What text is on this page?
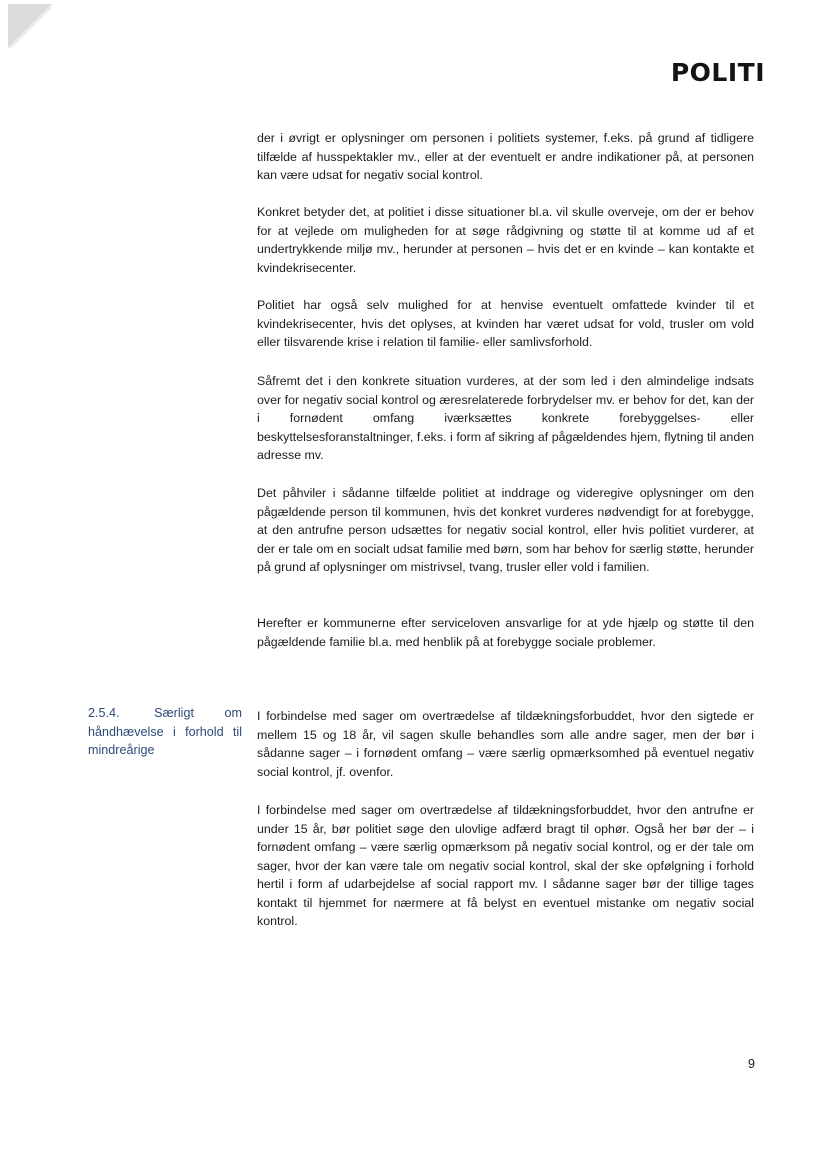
POLITI

der i øvrigt er oplysninger om personen i politiets systemer, f.eks. på grund af tidligere tilfælde af husspektakler mv., eller at der eventuelt er andre indikationer på, at personen kan være udsat for negativ social kontrol.

Konkret betyder det, at politiet i disse situationer bl.a. vil skulle overveje, om der er behov for at vejlede om muligheden for at søge rådgivning og støtte til at komme ud af et undertrykkende miljø mv., herunder at personen – hvis det er en kvinde – kan kontakte et kvindekrisecenter.

Politiet har også selv mulighed for at henvise eventuelt omfattede kvinder til et kvindekrisecenter, hvis det oplyses, at kvinden har været udsat for vold, trusler om vold eller tilsvarende krise i relation til familie- eller samlivsforhold.

Såfremt det i den konkrete situation vurderes, at der som led i den almindelige indsats over for negativ social kontrol og æresrelaterede forbrydelser mv. er behov for det, kan der i fornødent omfang iværksættes konkrete forebyggelses- eller beskyttelsesforanstaltninger, f.eks. i form af sikring af pågældendes hjem, flytning til anden adresse mv.

Det påhviler i sådanne tilfælde politiet at inddrage og videregive oplysninger om den pågældende person til kommunen, hvis det konkret vurderes nødvendigt for at forebygge, at den antrufne person udsættes for negativ social kontrol, eller hvis politiet vurderer, at der er tale om en socialt udsat familie med børn, som har behov for særlig støtte, herunder på grund af oplysninger om mistrivsel, tvang, trusler eller vold i familien.

Herefter er kommunerne efter serviceloven ansvarlige for at yde hjælp og støtte til den pågældende familie bl.a. med henblik på at forebygge sociale problemer.

2.5.4.	Særligt om håndhævelse i forhold til mindreårige

I forbindelse med sager om overtrædelse af tildækningsforbuddet, hvor den sigtede er mellem 15 og 18 år, vil sagen skulle behandles som alle andre sager, men der bør i sådanne sager – i fornødent omfang – være særlig opmærksomhed på eventuel negativ social kontrol, jf. ovenfor.

I forbindelse med sager om overtrædelse af tildækningsforbuddet, hvor den antrufne er under 15 år, bør politiet søge den ulovlige adfærd bragt til ophør. Også her bør der – i fornødent omfang – være særlig opmærksom på negativ social kontrol, og er der tale om sager, hvor der kan være tale om negativ social kontrol, skal der ske opfølgning i forhold hertil i form af udarbejdelse af social rapport mv. I sådanne sager bør der tillige tages kontakt til hjemmet for nærmere at få belyst en eventuel mistanke om negativ social kontrol.

9
